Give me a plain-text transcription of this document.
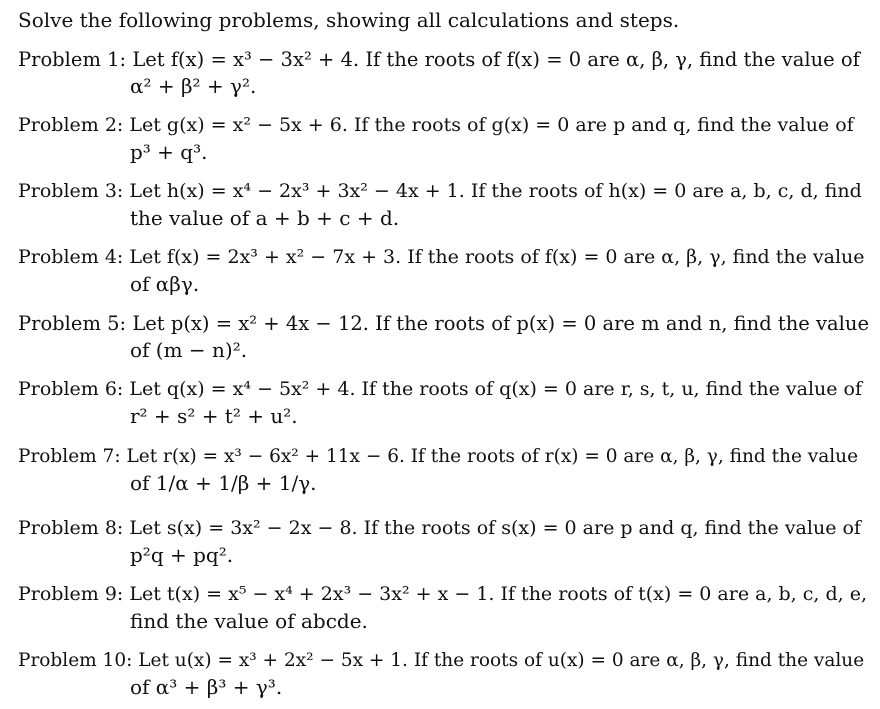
Solve the following problems, showing all calculations and steps.
Problem 1: Let f(x) = x³ − 3x² + 4. If the roots of f(x) = 0 are α, β, γ, find the value of
α² + β² + γ².
Problem 2: Let g(x) = x² − 5x + 6. If the roots of g(x) = 0 are p and q, find the value of
p³ + q³.
Problem 3: Let h(x) = x⁴ − 2x³ + 3x² − 4x + 1. If the roots of h(x) = 0 are a, b, c, d, find
the value of a + b + c + d.
Problem 4: Let f(x) = 2x³ + x² − 7x + 3. If the roots of f(x) = 0 are α, β, γ, find the value
of αβγ.
Problem 5: Let p(x) = x² + 4x − 12. If the roots of p(x) = 0 are m and n, find the value
of (m − n)².
Problem 6: Let q(x) = x⁴ − 5x² + 4. If the roots of q(x) = 0 are r, s, t, u, find the value of
r² + s² + t² + u².
Problem 7: Let r(x) = x³ − 6x² + 11x − 6. If the roots of r(x) = 0 are α, β, γ, find the value
of 1/α + 1/β + 1/γ.
Problem 8: Let s(x) = 3x² − 2x − 8. If the roots of s(x) = 0 are p and q, find the value of
p²q + pq².
Problem 9: Let t(x) = x⁵ − x⁴ + 2x³ − 3x² + x − 1. If the roots of t(x) = 0 are a, b, c, d, e,
find the value of abcde.
Problem 10: Let u(x) = x³ + 2x² − 5x + 1. If the roots of u(x) = 0 are α, β, γ, find the value
of α³ + β³ + γ³.
